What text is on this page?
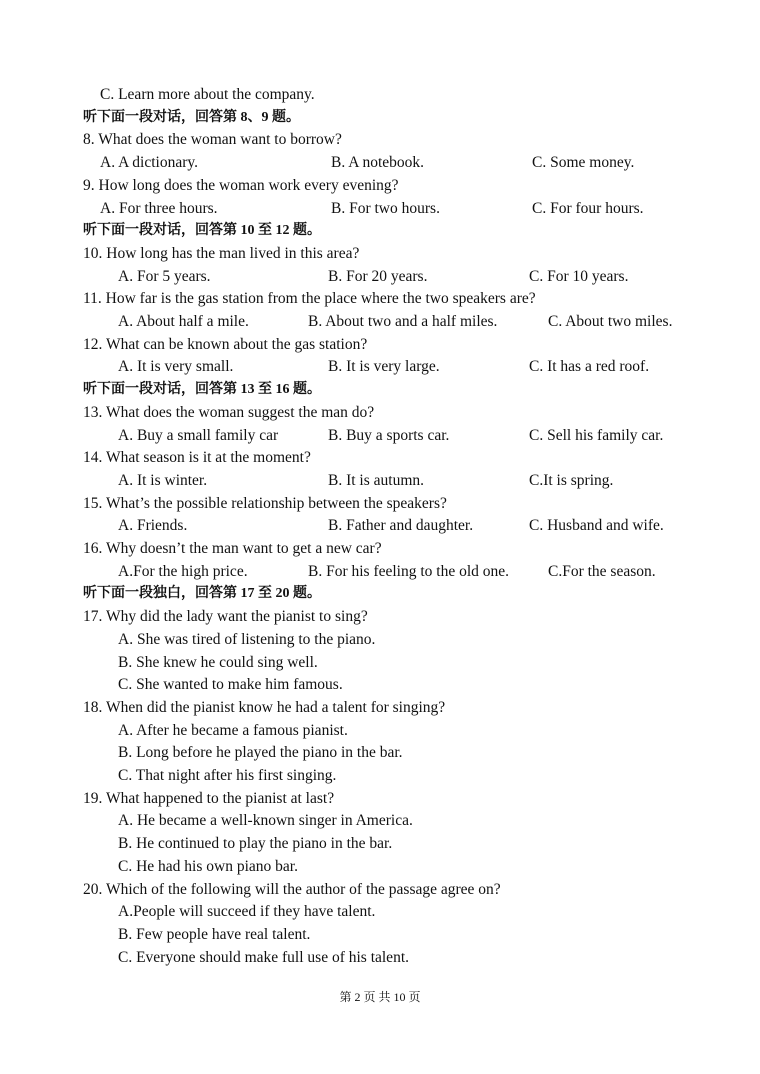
C. Learn more about the company.
听下面一段对话，回答第 8、9 题。
8. What does the woman want to borrow?
A. A dictionary.	B. A notebook.	C. Some money.
9. How long does the woman work every evening?
A. For three hours.	B. For two hours.	C. For four hours.
听下面一段对话，回答第 10 至 12 题。
10. How long has the man lived in this area?
A. For 5 years.	B. For 20 years.	C. For 10 years.
11. How far is the gas station from the place where the two speakers are?
A. About half a mile.	B. About two and a half miles.	C. About two miles.
12. What can be known about the gas station?
A. It is very small.	B. It is very large.	C. It has a red roof.
听下面一段对话，回答第 13 至 16 题。
13. What does the woman suggest the man do?
A. Buy a small family car	B. Buy a sports car.	C. Sell his family car.
14. What season is it at the moment?
A. It is winter.	B. It is autumn.	C.It is spring.
15. What’s the possible relationship between the speakers?
A. Friends.	B. Father and daughter.	C. Husband and wife.
16. Why doesn’t the man want to get a new car?
A.For the high price.	B. For his feeling to the old one.	C.For the season.
听下面一段独白，回答第 17 至 20 题。
17. Why did the lady want the pianist to sing?
A. She was tired of listening to the piano.
B. She knew he could sing well.
C. She wanted to make him famous.
18. When did the pianist know he had a talent for singing?
A. After he became a famous pianist.
B. Long before he played the piano in the bar.
C. That night after his first singing.
19. What happened to the pianist at last?
A. He became a well-known singer in America.
B. He continued to play the piano in the bar.
C. He had his own piano bar.
20. Which of the following will the author of the passage agree on?
A.People will succeed if they have talent.
B. Few people have real talent.
C. Everyone should make full use of his talent.
第 2 页 共 10 页
